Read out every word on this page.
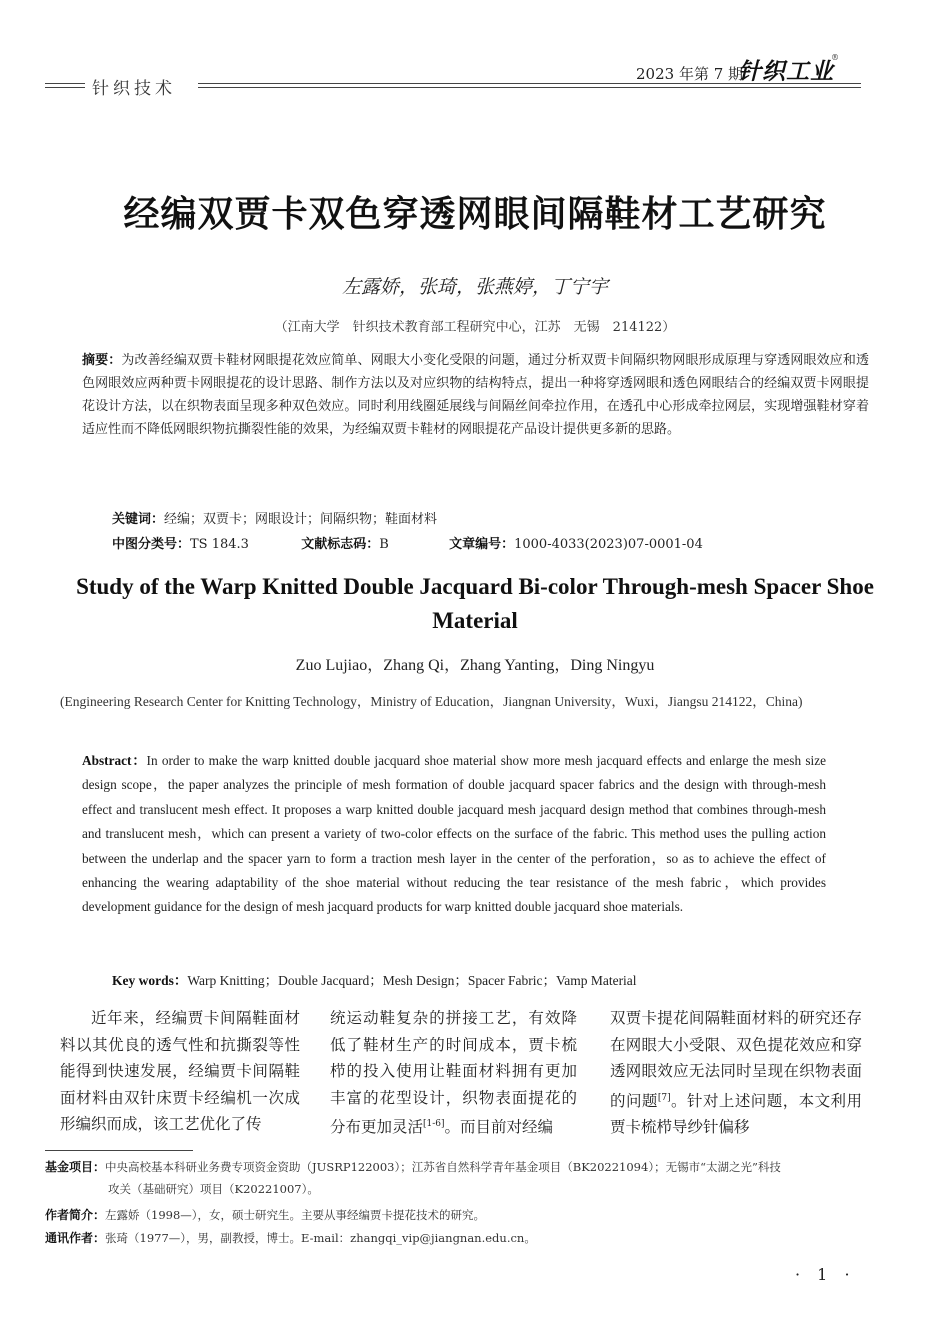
针织技术
2023 年第 7 期
针织工业
®
经编双贾卡双色穿透网眼间隔鞋材工艺研究
左露娇，张琦，张燕婷，丁宁宇
（江南大学　针织技术教育部工程研究中心，江苏　无锡　214122）
摘要：为改善经编双贾卡鞋材网眼提花效应简单、网眼大小变化受限的问题，通过分析双贾卡间隔织物网眼形成原理与穿透网眼效应和透色网眼效应两种贾卡网眼提花的设计思路、制作方法以及对应织物的结构特点，提出一种将穿透网眼和透色网眼结合的经编双贾卡网眼提花设计方法，以在织物表面呈现多种双色效应。同时利用线圈延展线与间隔丝间牵拉作用，在透孔中心形成牵拉网层，实现增强鞋材穿着适应性而不降低网眼织物抗撕裂性能的效果，为经编双贾卡鞋材的网眼提花产品设计提供更多新的思路。
关键词：经编；双贾卡；网眼设计；间隔织物；鞋面材料
中图分类号：TS 184.3	文献标志码：B	文章编号：1000-4033(2023)07-0001-04
Study of the Warp Knitted Double Jacquard Bi-color Through-mesh Spacer Shoe Material
Zuo Lujiao，Zhang Qi，Zhang Yanting，Ding Ningyu
(Engineering Research Center for Knitting Technology，Ministry of Education，Jiangnan University，Wuxi，Jiangsu 214122，China)
Abstract：In order to make the warp knitted double jacquard shoe material show more mesh jacquard effects and enlarge the mesh size design scope，the paper analyzes the principle of mesh formation of double jacquard spacer fabrics and the design with through-mesh effect and translucent mesh effect. It proposes a warp knitted double jacquard mesh jacquard design method that combines through-mesh and translucent mesh，which can present a variety of two-color effects on the surface of the fabric. This method uses the pulling action between the underlap and the spacer yarn to form a traction mesh layer in the center of the perforation，so as to achieve the effect of enhancing the wearing adaptability of the shoe material without reducing the tear resistance of the mesh fabric，which provides development guidance for the design of mesh jacquard products for warp knitted double jacquard shoe materials.
Key words：Warp Knitting；Double Jacquard；Mesh Design；Spacer Fabric；Vamp Material
近年来，经编贾卡间隔鞋面材料以其优良的透气性和抗撕裂等性能得到快速发展，经编贾卡间隔鞋面材料由双针床贾卡经编机一次成形编织而成，该工艺优化了传
统运动鞋复杂的拼接工艺，有效降低了鞋材生产的时间成本，贾卡梳栉的投入使用让鞋面材料拥有更加丰富的花型设计，织物表面提花的分布更加灵活[1-6]。而目前对经编
双贾卡提花间隔鞋面材料的研究还存在网眼大小受限、双色提花效应和穿透网眼效应无法同时呈现在织物表面的问题[7]。针对上述问题，本文利用贾卡梳栉导纱针偏移
基金项目：中央高校基本科研业务费专项资金资助（JUSRP122003）；江苏省自然科学青年基金项目（BK20221094）；无锡市“太湖之光”科技
攻关（基础研究）项目（K20221007）。
作者简介：左露娇（1998—），女，硕士研究生。主要从事经编贾卡提花技术的研究。
通讯作者：张琦（1977—），男，副教授，博士。E-mail：zhangqi_vip@jiangnan.edu.cn。
· 1 ·
